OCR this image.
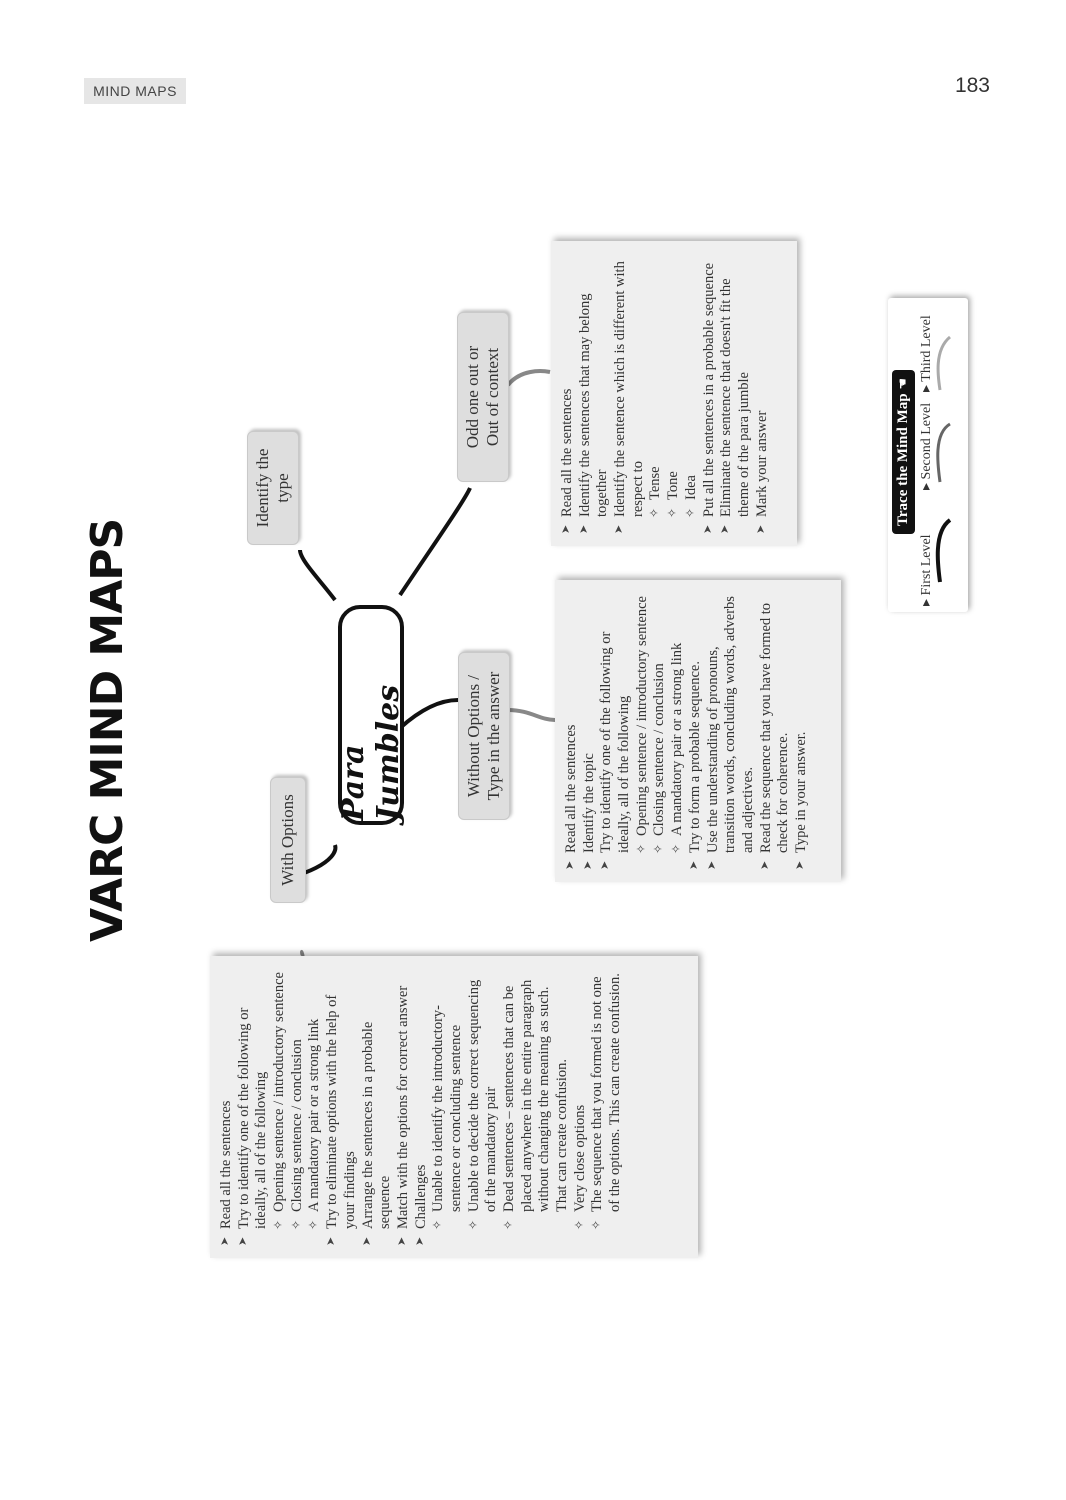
MIND MAPS	183
VARC MIND MAPS	Para Jumbles
With Options
Without Options / Type in the answer
Identify the type
Odd one out or Out of context
➤ Read all the sentences ➤ Try to identify one of the following or ideally, all of the following ✧ Opening sentence / introductory sentence ✧ Closing sentence / conclusion ✧ A mandatory pair or a strong link ➤ Try to eliminate options with the help of your findings ➤ Arrange the sentences in a probable sequence ➤ Match with the options for correct answer ➤ Challenges ✧ Unable to identify the introductory-sentence or concluding sentence ✧ Unable to decide the correct sequencing of the mandatory pair ✧ Dead sentences – sentences that can be placed anywhere in the entire paragraph without changing the meaning as such. That can create confusion. ✧ Very close options ✧ The sequence that you formed is not one of the options. This can create confusion.
➤ Read all the sentences ➤ Identify the topic ➤ Try to identify one of the following or ideally, all of the following ✧ Opening sentence / introductory sentence ✧ Closing sentence / conclusion ✧ A mandatory pair or a strong link ➤ Try to form a probable sequence. ➤ Use the understanding of pronouns, transition words, concluding words, adverbs and adjectives. ➤ Read the sequence that you have formed to check for coherence. ➤ Type in your answer.
➤ Read all the sentences ➤ Identify the sentences that may belong together ➤ Identify the sentence which is different with respect to ✧ Tense ✧ Tone ✧ Idea ➤ Put all the sentences in a probable sequence ➤ Eliminate the sentence that doesn't fit the theme of the para jumble ➤ Mark your answer	Trace the Mind Map ☚
▸ First Level
▸ Second Level
▸ Third Level
